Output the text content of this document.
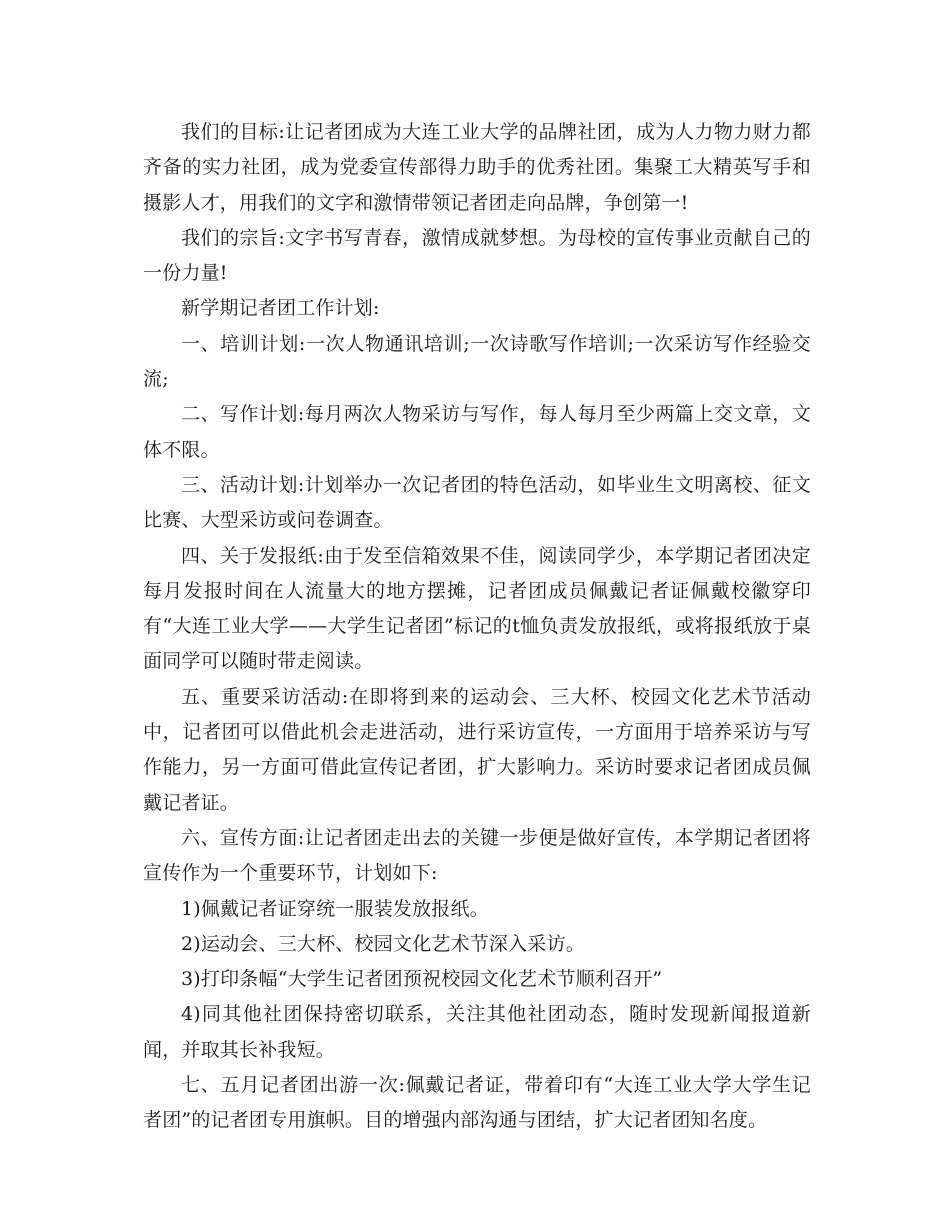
我们的目标:让记者团成为大连工业大学的品牌社团，成为人力物力财力都齐备的实力社团，成为党委宣传部得力助手的优秀社团。集聚工大精英写手和摄影人才，用我们的文字和激情带领记者团走向品牌，争创第一!

我们的宗旨:文字书写青春，激情成就梦想。为母校的宣传事业贡献自己的一份力量!

新学期记者团工作计划:

一、培训计划:一次人物通讯培训;一次诗歌写作培训;一次采访写作经验交流;

二、写作计划:每月两次人物采访与写作，每人每月至少两篇上交文章，文体不限。

三、活动计划:计划举办一次记者团的特色活动，如毕业生文明离校、征文比赛、大型采访或问卷调查。

四、关于发报纸:由于发至信箱效果不佳，阅读同学少，本学期记者团决定每月发报时间在人流量大的地方摆摊，记者团成员佩戴记者证佩戴校徽穿印有“大连工业大学——大学生记者团”标记的t恤负责发放报纸，或将报纸放于桌面同学可以随时带走阅读。

五、重要采访活动:在即将到来的运动会、三大杯、校园文化艺术节活动中，记者团可以借此机会走进活动，进行采访宣传，一方面用于培养采访与写作能力，另一方面可借此宣传记者团，扩大影响力。采访时要求记者团成员佩戴记者证。

六、宣传方面:让记者团走出去的关键一步便是做好宣传，本学期记者团将宣传作为一个重要环节，计划如下:

1)佩戴记者证穿统一服装发放报纸。

2)运动会、三大杯、校园文化艺术节深入采访。

3)打印条幅“大学生记者团预祝校园文化艺术节顺利召开”

4)同其他社团保持密切联系，关注其他社团动态，随时发现新闻报道新闻，并取其长补我短。

七、五月记者团出游一次:佩戴记者证，带着印有“大连工业大学大学生记者团”的记者团专用旗帜。目的增强内部沟通与团结，扩大记者团知名度。
